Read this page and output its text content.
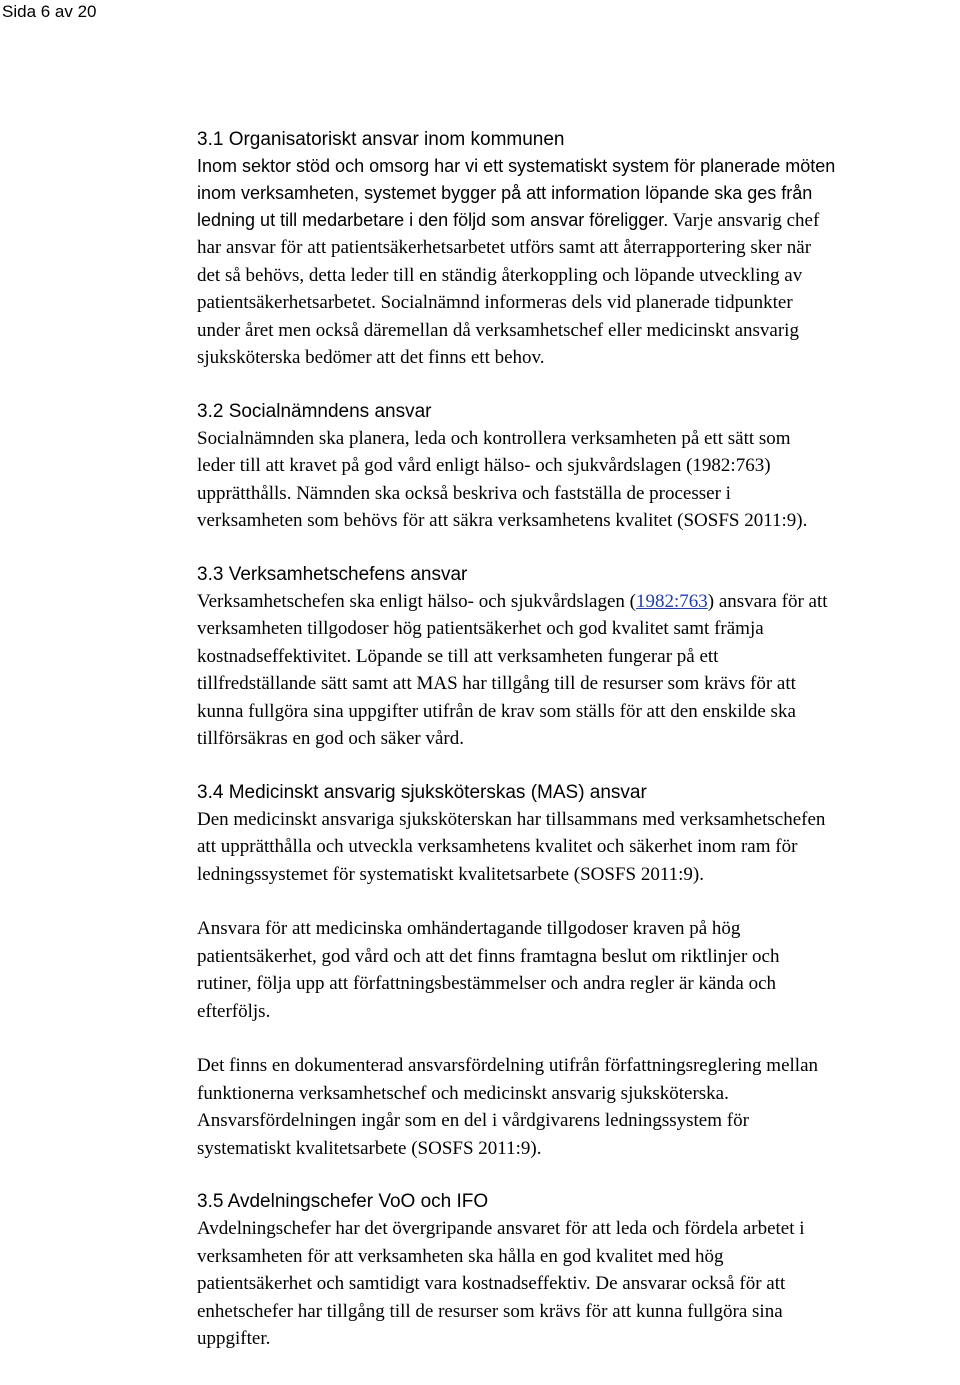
Sida 6 av 20
3.1 Organisatoriskt ansvar inom kommunen
Inom sektor stöd och omsorg har vi ett systematiskt system för planerade möten
inom verksamheten, systemet bygger på att information löpande ska ges från
ledning ut till medarbetare i den följd som ansvar föreligger. Varje ansvarig chef
har ansvar för att patientsäkerhetsarbetet utförs samt att återrapportering sker när
det så behövs, detta leder till en ständig återkoppling och löpande utveckling av
patientsäkerhetsarbetet. Socialnämnd informeras dels vid planerade tidpunkter
under året men också däremellan då verksamhetschef eller medicinskt ansvarig
sjuksköterska bedömer att det finns ett behov.
3.2 Socialnämndens ansvar
Socialnämnden ska planera, leda och kontrollera verksamheten på ett sätt som
leder till att kravet på god vård enligt hälso- och sjukvårdslagen (1982:763)
upprätthålls. Nämnden ska också beskriva och fastställa de processer i
verksamheten som behövs för att säkra verksamhetens kvalitet (SOSFS 2011:9).
3.3 Verksamhetschefens ansvar
Verksamhetschefen ska enligt hälso- och sjukvårdslagen (1982:763) ansvara för att
verksamheten tillgodoser hög patientsäkerhet och god kvalitet samt främja
kostnadseffektivitet. Löpande se till att verksamheten fungerar på ett
tillfredställande sätt samt att MAS har tillgång till de resurser som krävs för att
kunna fullgöra sina uppgifter utifrån de krav som ställs för att den enskilde ska
tillförsäkras en god och säker vård.
3.4 Medicinskt ansvarig sjuksköterskas (MAS) ansvar
Den medicinskt ansvariga sjuksköterskan har tillsammans med verksamhetschefen
att upprätthålla och utveckla verksamhetens kvalitet och säkerhet inom ram för
ledningssystemet för systematiskt kvalitetsarbete (SOSFS 2011:9).
Ansvara för att medicinska omhändertagande tillgodoser kraven på hög
patientsäkerhet, god vård och att det finns framtagna beslut om riktlinjer och
rutiner, följa upp att författningsbestämmelser och andra regler är kända och
efterföljs.
Det finns en dokumenterad ansvarsfördelning utifrån författningsreglering mellan
funktionerna verksamhetschef och medicinskt ansvarig sjuksköterska.
Ansvarsfördelningen ingår som en del i vårdgivarens ledningssystem för
systematiskt kvalitetsarbete (SOSFS 2011:9).
3.5 Avdelningschefer VoO och IFO
Avdelningschefer har det övergripande ansvaret för att leda och fördela arbetet i
verksamheten för att verksamheten ska hålla en god kvalitet med hög
patientsäkerhet och samtidigt vara kostnadseffektiv. De ansvarar också för att
enhetschefer har tillgång till de resurser som krävs för att kunna fullgöra sina
uppgifter.
